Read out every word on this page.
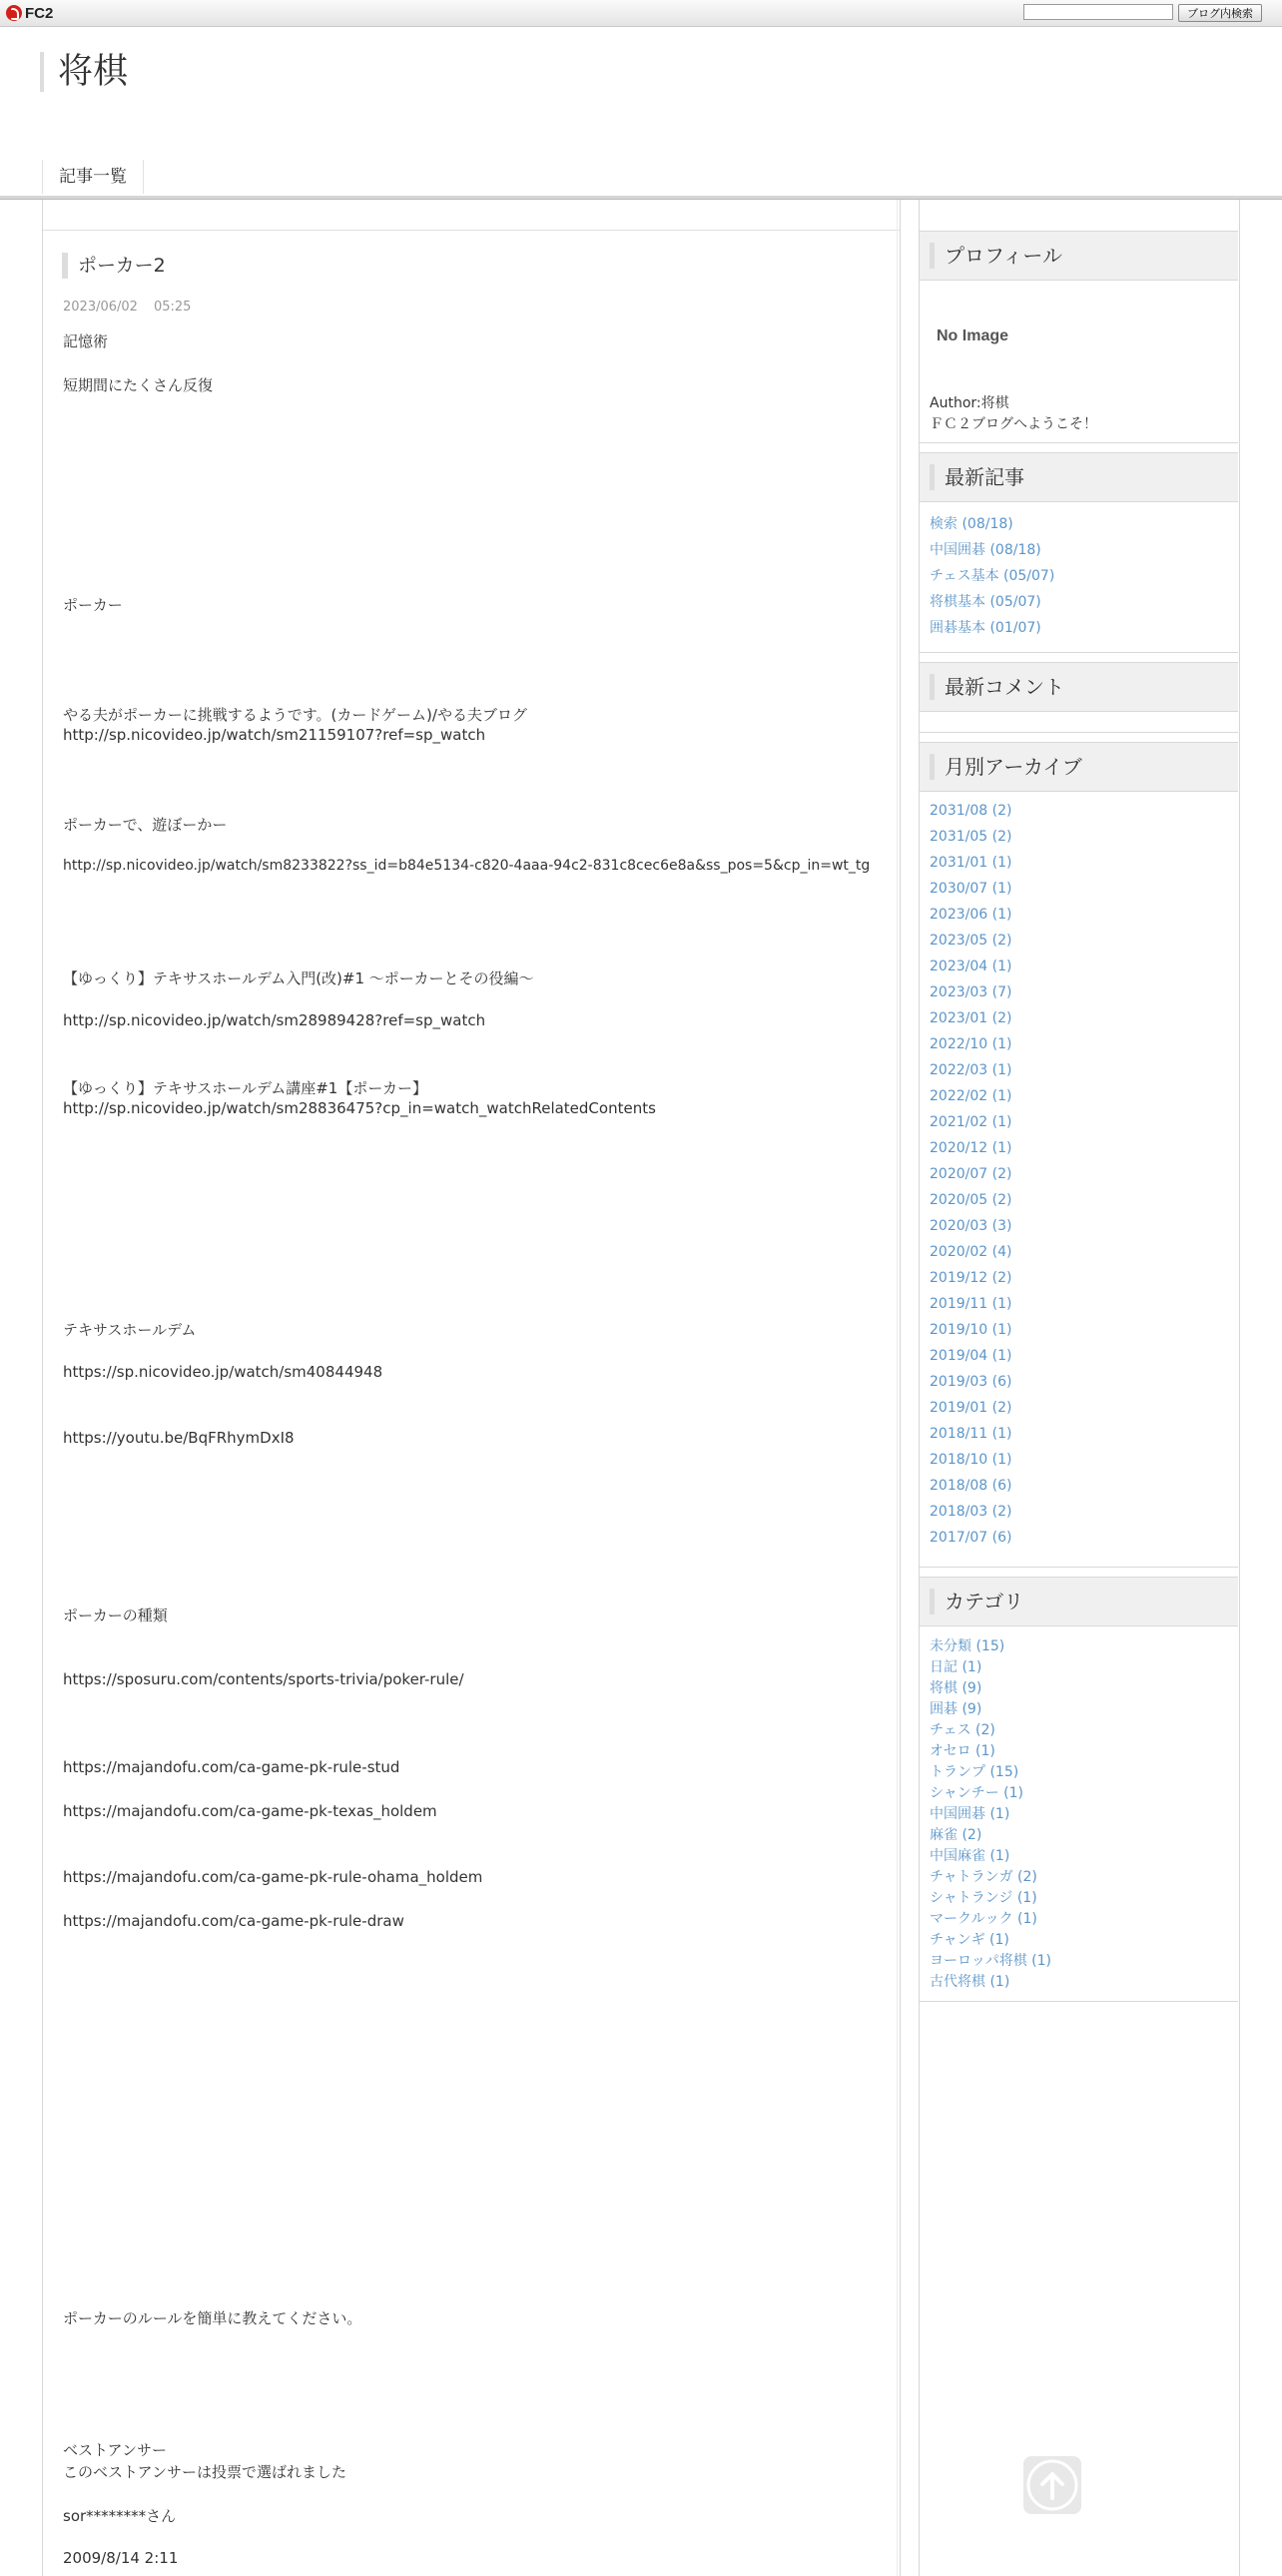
FC2	ブログ内検索
将棋
記事一覧
ポーカー2
2023/06/02 05:25
記憶術
短期間にたくさん反復
ポーカー
やる夫がポーカーに挑戦するようです。(カードゲーム)/やる夫ブログ
http://sp.nicovideo.jp/watch/sm21159107?ref=sp_watch
ポーカーで、遊ぼーかー
http://sp.nicovideo.jp/watch/sm8233822?ss_id=b84e5134-c820-4aaa-94c2-831c8cec6e8a&ss_pos=5&cp_in=wt_tg
【ゆっくり】テキサスホールデム入門(改)#1 ～ポーカーとその役編～
http://sp.nicovideo.jp/watch/sm28989428?ref=sp_watch
【ゆっくり】テキサスホールデム講座#1【ポーカー】
http://sp.nicovideo.jp/watch/sm28836475?cp_in=watch_watchRelatedContents
テキサスホールデム
https://sp.nicovideo.jp/watch/sm40844948
https://youtu.be/BqFRhymDxI8
ポーカーの種類
https://sposuru.com/contents/sports-trivia/poker-rule/
https://majandofu.com/ca-game-pk-rule-stud
https://majandofu.com/ca-game-pk-texas_holdem
https://majandofu.com/ca-game-pk-rule-ohama_holdem
https://majandofu.com/ca-game-pk-rule-draw
ポーカーのルールを簡単に教えてください。
ベストアンサー
このベストアンサーは投票で選ばれました
sor********さん
2009/8/14 2:11
プロフィール
No Image
Author:将棋
ＦＣ２ブログへようこそ！
最新記事
検索 (08/18)
中国囲碁 (08/18)
チェス基本 (05/07)
将棋基本 (05/07)
囲碁基本 (01/07)
最新コメント
月別アーカイブ
2031/08 (2)
2031/05 (2)
2031/01 (1)
2030/07 (1)
2023/06 (1)
2023/05 (2)
2023/04 (1)
2023/03 (7)
2023/01 (2)
2022/10 (1)
2022/03 (1)
2022/02 (1)
2021/02 (1)
2020/12 (1)
2020/07 (2)
2020/05 (2)
2020/03 (3)
2020/02 (4)
2019/12 (2)
2019/11 (1)
2019/10 (1)
2019/04 (1)
2019/03 (6)
2019/01 (2)
2018/11 (1)
2018/10 (1)
2018/08 (6)
2018/03 (2)
2017/07 (6)
カテゴリ
未分類 (15)
日記 (1)
将棋 (9)
囲碁 (9)
チェス (2)
オセロ (1)
トランプ (15)
シャンチー (1)
中国囲碁 (1)
麻雀 (2)
中国麻雀 (1)
チャトランガ (2)
シャトランジ (1)
マークルック (1)
チャンギ (1)
ヨーロッパ将棋 (1)
古代将棋 (1)
